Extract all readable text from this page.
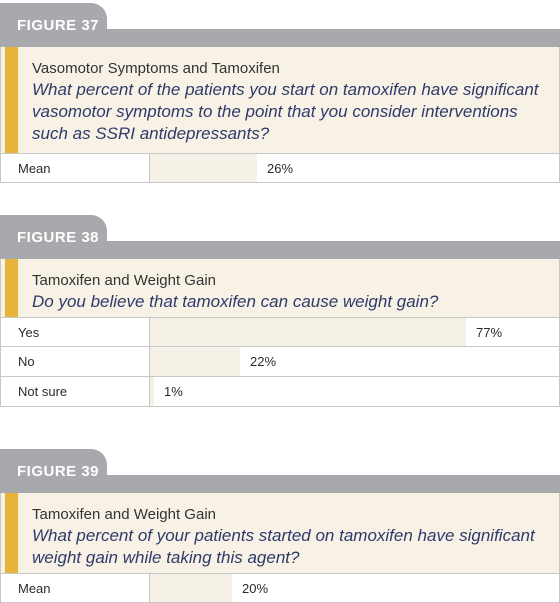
FIGURE 37
Vasomotor Symptoms and Tamoxifen
What percent of the patients you start on tamoxifen have significant vasomotor symptoms to the point that you consider interventions such as SSRI antidepressants?
Mean	26%
FIGURE 38
Tamoxifen and Weight Gain
Do you believe that tamoxifen can cause weight gain?
Yes	77%
No	22%
Not sure	1%
FIGURE 39
Tamoxifen and Weight Gain
What percent of your patients started on tamoxifen have significant weight gain while taking this agent?
Mean	20%
